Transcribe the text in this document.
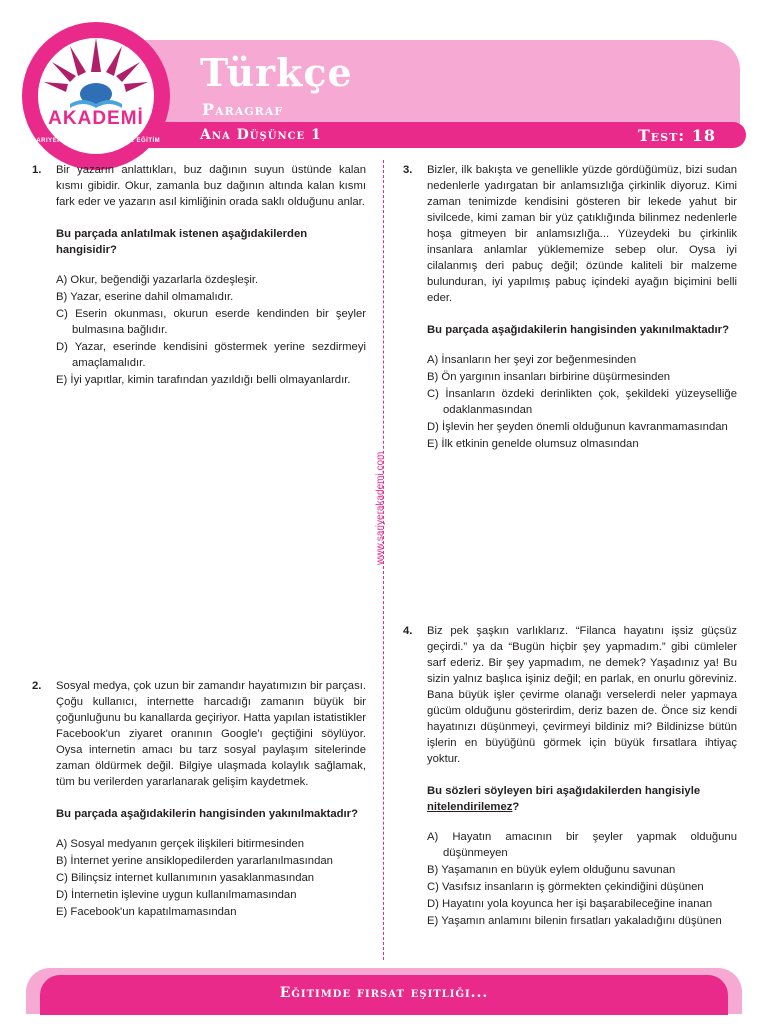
Türkçe
Paragraf
Ana Düşünce 1	Test: 18
AKADEMİ
SARIYER BELEDİYESİ DESTEK EĞİTİM KURSU
www.sariyerakademi.com
1. Bir yazarın anlattıkları, buz dağının suyun üstünde kalan kısmı gibidir. Okur, zamanla buz dağının altında kalan kısmı fark eder ve yazarın asıl kimliğinin orada saklı olduğunu anlar.

Bu parçada anlatılmak istenen aşağıdakilerden hangisidir?

A) Okur, beğendiği yazarlarla özdeşleşir.
B) Yazar, eserine dahil olmamalıdır.
C) Eserin okunması, okurun eserde kendinden bir şeyler bulmasına bağlıdır.
D) Yazar, eserinde kendisini göstermek yerine sezdirmeyi amaçlamalıdır.
E) İyi yapıtlar, kimin tarafından yazıldığı belli olmayanlardır.
2. Sosyal medya, çok uzun bir zamandır hayatımızın bir parçası. Çoğu kullanıcı, internette harcadığı zamanın büyük bir çoğunluğunu bu kanallarda geçiriyor. Hatta yapılan istatistikler Facebook'un ziyaret oranının Google'ı geçtiğini söylüyor. Oysa internetin amacı bu tarz sosyal paylaşım sitelerinde zaman öldürmek değil. Bilgiye ulaşmada kolaylık sağlamak, tüm bu verilerden yararlanarak gelişim kaydetmek.

Bu parçada aşağıdakilerin hangisinden yakınılmaktadır?

A) Sosyal medyanın gerçek ilişkileri bitirmesinden
B) İnternet yerine ansiklopedilerden yararlanılmasından
C) Bilinçsiz internet kullanımının yasaklanmasından
D) İnternetin işlevine uygun kullanılmamasından
E) Facebook'un kapatılmamasından
3. Bizler, ilk bakışta ve genellikle yüzde gördüğümüz, bizi sudan nedenlerle yadırgatan bir anlamsızlığa çirkinlik diyoruz. Kimi zaman tenimizde kendisini gösteren bir lekede yahut bir sivilcede, kimi zaman bir yüz çatıklığında bilinmez nedenlerle hoşa gitmeyen bir anlamsızlığa... Yüzeydeki bu çirkinlik insanlara anlamlar yüklememize sebep olur. Oysa iyi cilalanmış deri pabuç değil; özünde kaliteli bir malzeme bulunduran, iyi yapılmış pabuç içindeki ayağın biçimini belli eder.

Bu parçada aşağıdakilerin hangisinden yakınılmaktadır?

A) İnsanların her şeyi zor beğenmesinden
B) Ön yargının insanları birbirine düşürmesinden
C) İnsanların özdeki derinlikten çok, şekildeki yüzeyselliğe odaklanmasından
D) İşlevin her şeyden önemli olduğunun kavranmamasından
E) İlk etkinin genelde olumsuz olmasından
4. Biz pek şaşkın varlıklarız. “Filanca hayatını işsiz güçsüz geçirdi.” ya da “Bugün hiçbir şey yapmadım.” gibi cümleler sarf ederiz. Bir şey yapmadım, ne demek? Yaşadınız ya! Bu sizin yalnız başlıca işiniz değil; en parlak, en onurlu göreviniz. Bana büyük işler çevirme olanağı verselerdi neler yapmaya gücüm olduğunu gösterirdim, deriz bazen de. Önce siz kendi hayatınızı düşünmeyi, çevirmeyi bildiniz mi? Bildinizse bütün işlerin en büyüğünü görmek için büyük fırsatlara ihtiyaç yoktur.

Bu sözleri söyleyen biri aşağıdakilerden hangisiyle nitelendirilemez?

A) Hayatın amacının bir şeyler yapmak olduğunu düşünmeyen
B) Yaşamanın en büyük eylem olduğunu savunan
C) Vasıfsız insanların iş görmekten çekindiğini düşünen
D) Hayatını yola koyunca her işi başarabileceğine inanan
E) Yaşamın anlamını bilenin fırsatları yakaladığını düşünen
Eğitimde fırsat eşitliği...
